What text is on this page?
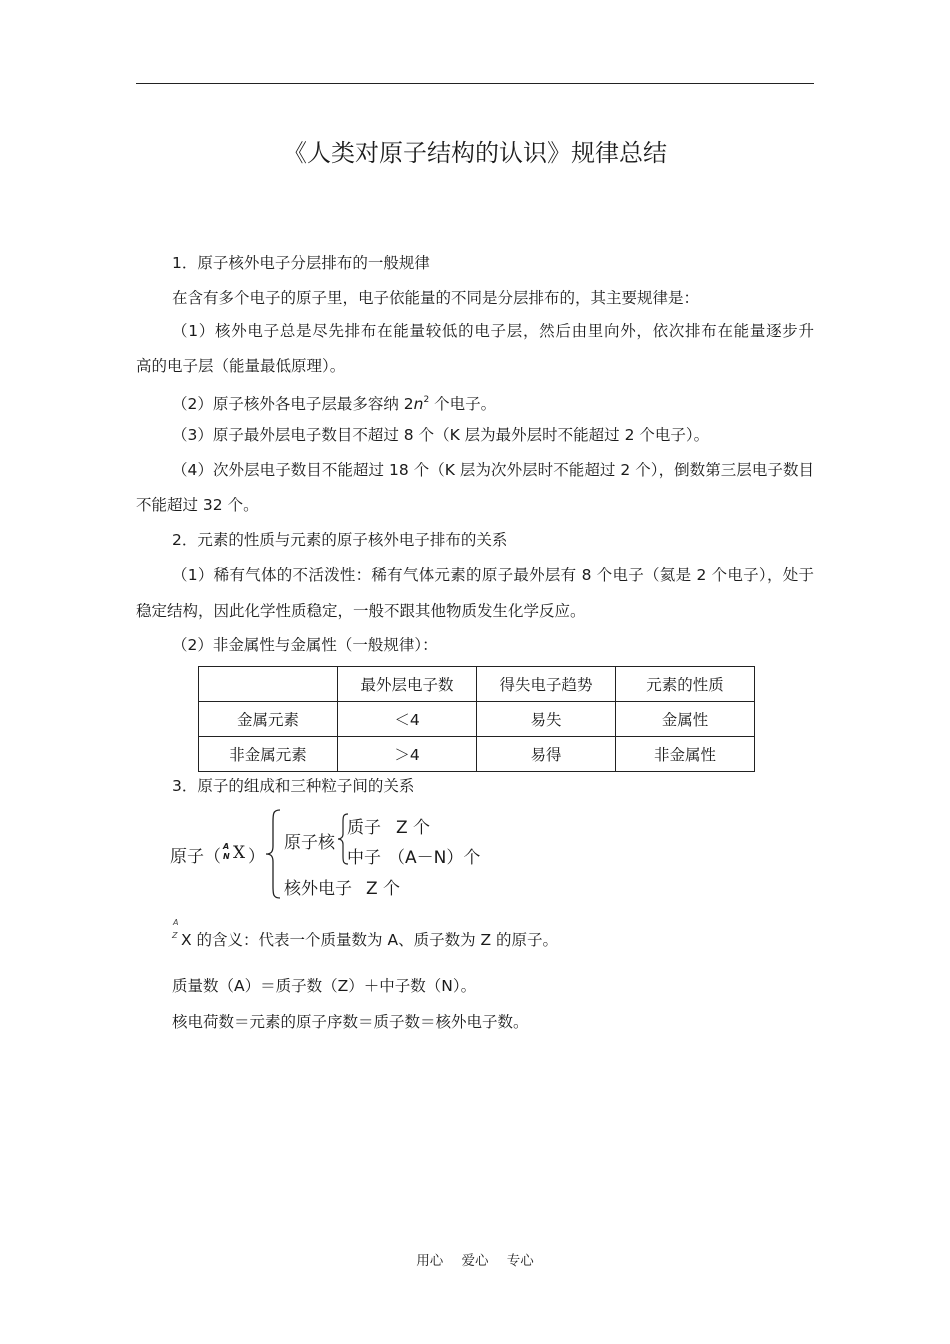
《人类对原子结构的认识》规律总结
1．原子核外电子分层排布的一般规律
在含有多个电子的原子里，电子依能量的不同是分层排布的，其主要规律是：
（1）核外电子总是尽先排布在能量较低的电子层，然后由里向外，依次排布在能量逐步升
高的电子层（能量最低原理）。
（2）原子核外各电子层最多容纳 $2n^2$ 个电子。
（3）原子最外层电子数目不超过 8 个（K 层为最外层时不能超过 2 个电子）。
（4）次外层电子数目不能超过 18 个（K 层为次外层时不能超过 2 个），倒数第三层电子数目
不能超过 32 个。
2．元素的性质与元素的原子核外电子排布的关系
（1）稀有气体的不活泼性：稀有气体元素的原子最外层有 8 个电子（氦是 2 个电子），处于
稳定结构，因此化学性质稳定，一般不跟其他物质发生化学反应。
（2）非金属性与金属性（一般规律）：
	最外层电子数	得失电子趋势	元素的性质
金属元素	＜4	易失	金属性
非金属元素	＞4	易得	非金属性
3．原子的组成和三种粒子间的关系
原子（
A
N X ）
原子核
质子 Z 个
中子 （A－N）个
核外电子 Z 个
A
Z X 的含义：代表一个质量数为 A、质子数为 Z 的原子。
质量数（A）＝质子数（Z）＋中子数（N）。
核电荷数＝元素的原子序数＝质子数＝核外电子数。
用心 爱心 专心
